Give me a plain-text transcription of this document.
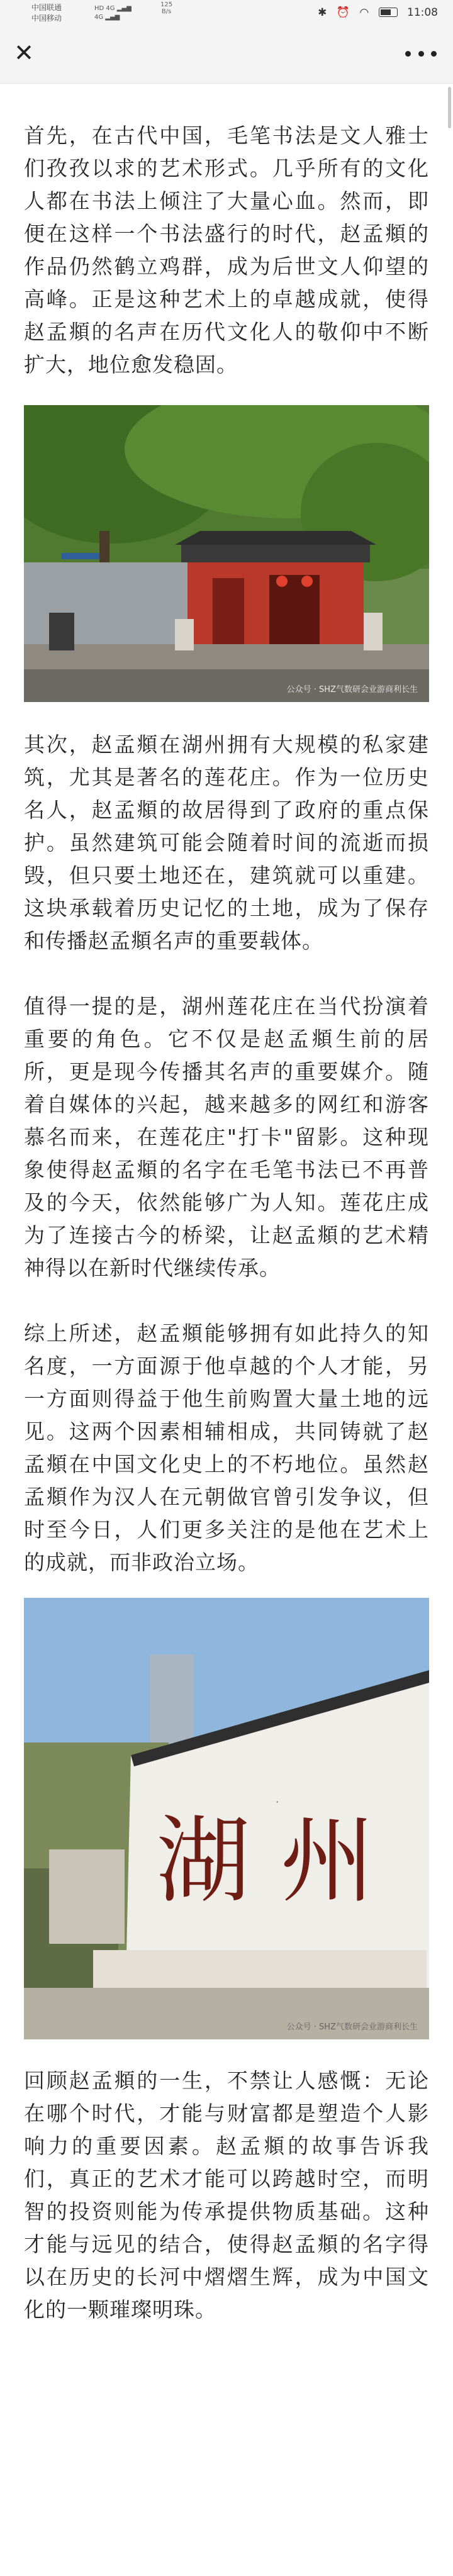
中国联通
中国移动
HD 4G ▂▄▆
4G ▂▄▆
125
B/s	✱ ⏰ ◠	11:08
✕

首先，在古代中国，毛笔书法是文人雅士们孜孜以求的艺术形式。几乎所有的文化人都在书法上倾注了大量心血。然而，即便在这样一个书法盛行的时代，赵孟頫的作品仍然鹤立鸡群，成为后世文人仰望的高峰。正是这种艺术上的卓越成就，使得赵孟頫的名声在历代文化人的敬仰中不断扩大，地位愈发稳固。

公众号 · SHZ气数研会业游商利长生

其次，赵孟頫在湖州拥有大规模的私家建筑，尤其是著名的莲花庄。作为一位历史名人，赵孟頫的故居得到了政府的重点保护。虽然建筑可能会随着时间的流逝而损毁，但只要土地还在，建筑就可以重建。这块承载着历史记忆的土地，成为了保存和传播赵孟頫名声的重要载体。

值得一提的是，湖州莲花庄在当代扮演着重要的角色。它不仅是赵孟頫生前的居所，更是现今传播其名声的重要媒介。随着自媒体的兴起，越来越多的网红和游客慕名而来，在莲花庄"打卡"留影。这种现象使得赵孟頫的名字在毛笔书法已不再普及的今天，依然能够广为人知。莲花庄成为了连接古今的桥梁，让赵孟頫的艺术精神得以在新时代继续传承。

综上所述，赵孟頫能够拥有如此持久的知名度，一方面源于他卓越的个人才能，另一方面则得益于他生前购置大量土地的远见。这两个因素相辅相成，共同铸就了赵孟頫在中国文化史上的不朽地位。虽然赵孟頫作为汉人在元朝做官曾引发争议，但时至今日，人们更多关注的是他在艺术上的成就，而非政治立场。

湖 州
·
公众号 · SHZ气数研会业游商利长生

回顾赵孟頫的一生，不禁让人感慨：无论在哪个时代，才能与财富都是塑造个人影响力的重要因素。赵孟頫的故事告诉我们，真正的艺术才能可以跨越时空，而明智的投资则能为传承提供物质基础。这种才能与远见的结合，使得赵孟頫的名字得以在历史的长河中熠熠生辉，成为中国文化的一颗璀璨明珠。
